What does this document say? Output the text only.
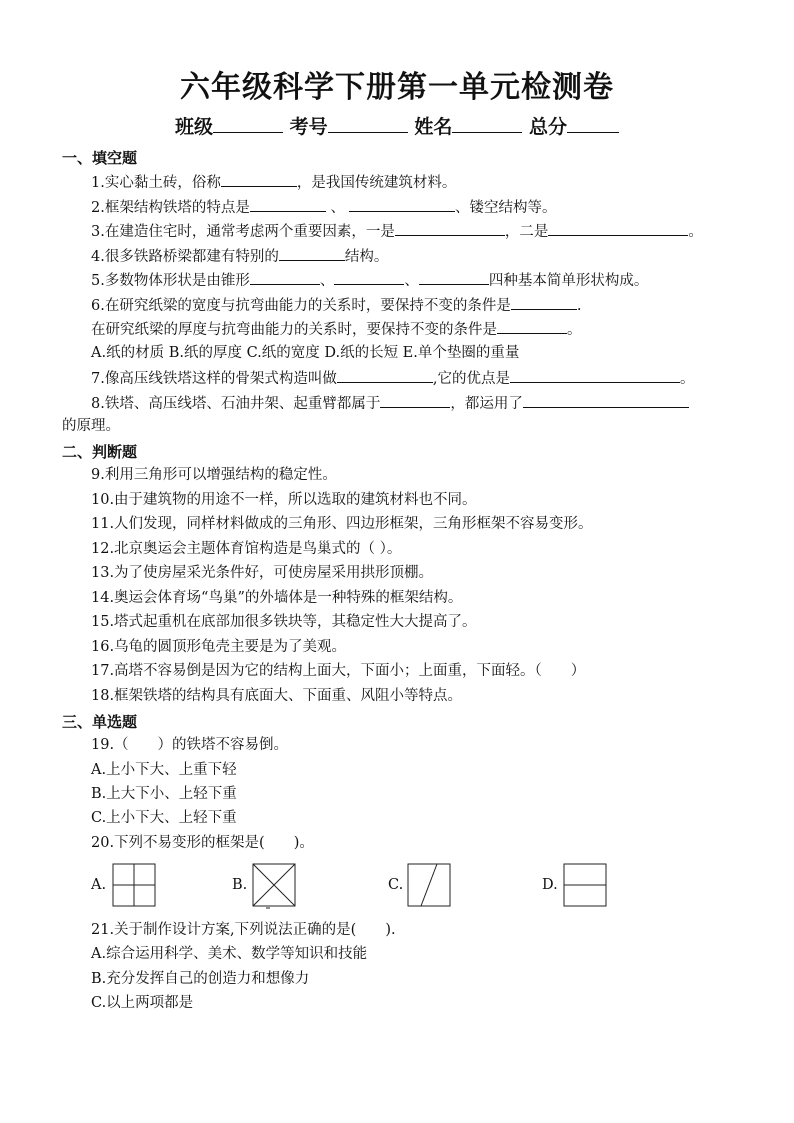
六年级科学下册第一单元检测卷
班级	考号	姓名	总分
一、填空题
1.实心黏土砖，俗称	，是我国传统建筑材料。
2.框架结构铁塔的特点是	、	、镂空结构等。
3.在建造住宅时，通常考虑两个重要因素，一是	，二是	。
4.很多铁路桥梁都建有特别的	结构。
5.多数物体形状是由锥形	、	、	四种基本简单形状构成。
6.在研究纸梁的宽度与抗弯曲能力的关系时，要保持不变的条件是	.
在研究纸梁的厚度与抗弯曲能力的关系时，要保持不变的条件是	。
A.纸的材质 B.纸的厚度 C.纸的宽度 D.纸的长短 E.单个垫圈的重量
7.像高压线铁塔这样的骨架式构造叫做	,它的优点是	。
8.铁塔、高压线塔、石油井架、起重臂都属于	，都运用了
的原理。
二、判断题
9.利用三角形可以增强结构的稳定性。
10.由于建筑物的用途不一样，所以选取的建筑材料也不同。
11.人们发现，同样材料做成的三角形、四边形框架，三角形框架不容易变形。
12.北京奥运会主题体育馆构造是鸟巢式的（ ）。
13.为了使房屋采光条件好，可使房屋采用拱形顶棚。
14.奥运会体育场“鸟巢”的外墙体是一种特殊的框架结构。
15.塔式起重机在底部加很多铁块等，其稳定性大大提高了。
16.乌龟的圆顶形龟壳主要是为了美观。
17.高塔不容易倒是因为它的结构上面大，下面小；上面重，下面轻。（　　）
18.框架铁塔的结构具有底面大、下面重、风阻小等特点。
三、单选题
19.（　　）的铁塔不容易倒。
A.上小下大、上重下轻
B.上大下小、上轻下重
C.上小下大、上轻下重
20.下列不易变形的框架是(　　)。
A.	B.	C.	D.
21.关于制作设计方案,下列说法正确的是(　　).
A.综合运用科学、美术、数学等知识和技能
B.充分发挥自己的创造力和想像力
C.以上两项都是
